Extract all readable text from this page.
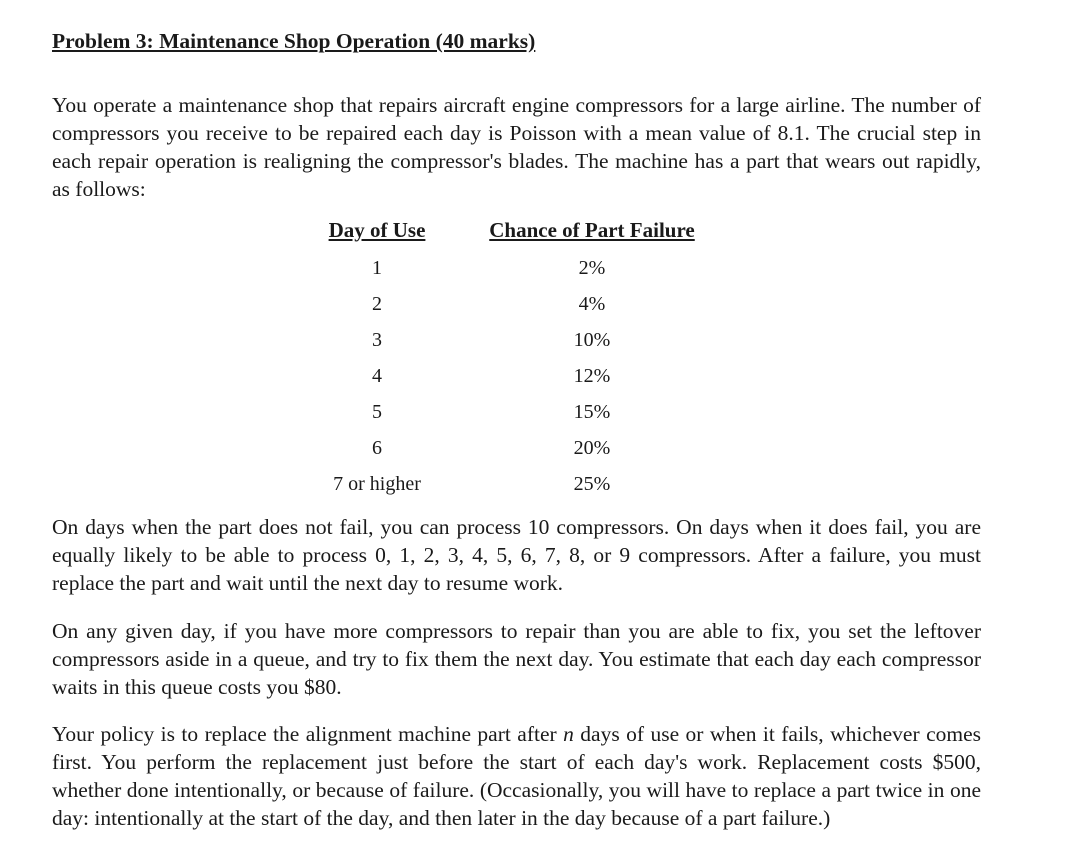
Problem 3: Maintenance Shop Operation (40 marks)

You operate a maintenance shop that repairs aircraft engine compressors for a large airline. The number of compressors you receive to be repaired each day is Poisson with a mean value of 8.1. The crucial step in each repair operation is realigning the compressor's blades. The machine has a part that wears out rapidly, as follows:

Day of Use	Chance of Part Failure
1	2%
2	4%
3	10%
4	12%
5	15%
6	20%
7 or higher	25%

On days when the part does not fail, you can process 10 compressors. On days when it does fail, you are equally likely to be able to process 0, 1, 2, 3, 4, 5, 6, 7, 8, or 9 compressors. After a failure, you must replace the part and wait until the next day to resume work.

On any given day, if you have more compressors to repair than you are able to fix, you set the leftover compressors aside in a queue, and try to fix them the next day. You estimate that each day each compressor waits in this queue costs you $80.

Your policy is to replace the alignment machine part after n days of use or when it fails, whichever comes first. You perform the replacement just before the start of each day's work. Replacement costs $500, whether done intentionally, or because of failure. (Occasionally, you will have to replace a part twice in one day: intentionally at the start of the day, and then later in the day because of a part failure.)
